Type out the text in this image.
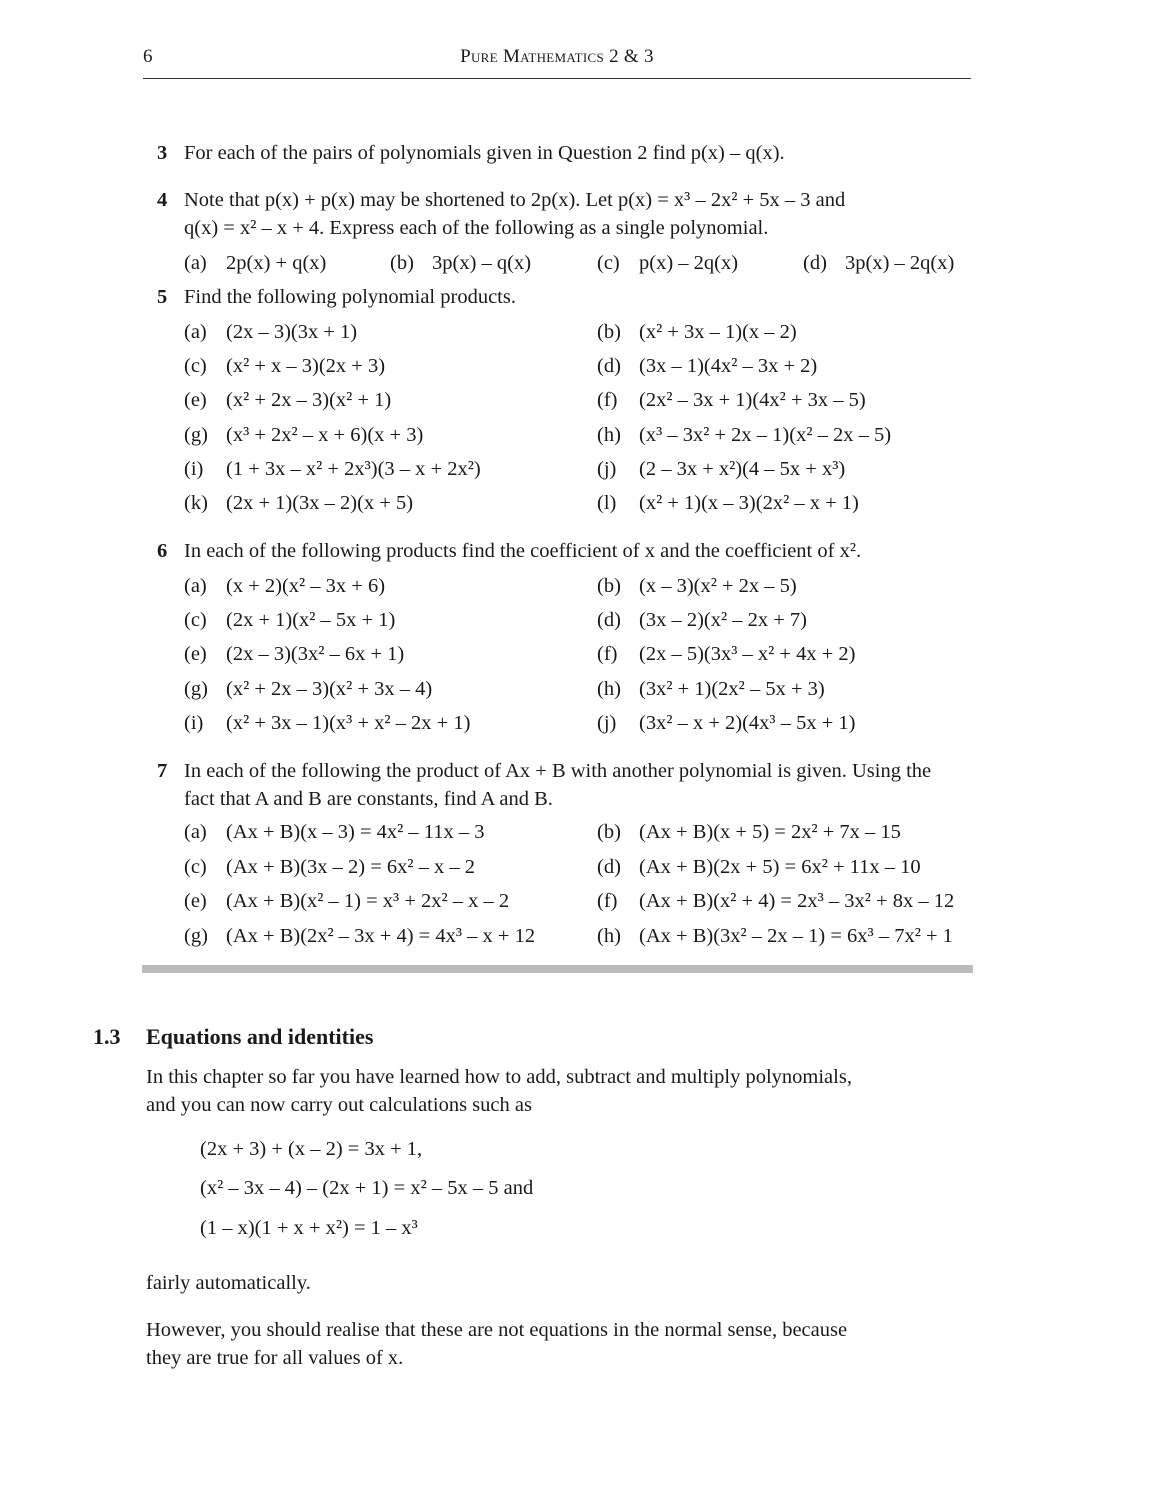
6	Pure Mathematics 2 & 3
3 For each of the pairs of polynomials given in Question 2 find p(x) – q(x).
4 Note that p(x) + p(x) may be shortened to 2p(x). Let p(x) = x³ – 2x² + 5x – 3 and
q(x) = x² – x + 4. Express each of the following as a single polynomial.
(a) 2p(x) + q(x)	(b) 3p(x) – q(x)	(c) p(x) – 2q(x)	(d) 3p(x) – 2q(x)
5 Find the following polynomial products.
(a) (2x – 3)(3x + 1)	(b) (x² + 3x – 1)(x – 2)
(c) (x² + x – 3)(2x + 3)	(d) (3x – 1)(4x² – 3x + 2)
(e) (x² + 2x – 3)(x² + 1)	(f) (2x² – 3x + 1)(4x² + 3x – 5)
(g) (x³ + 2x² – x + 6)(x + 3)	(h) (x³ – 3x² + 2x – 1)(x² – 2x – 5)
(i) (1 + 3x – x² + 2x³)(3 – x + 2x²)	(j) (2 – 3x + x²)(4 – 5x + x³)
(k) (2x + 1)(3x – 2)(x + 5)	(l) (x² + 1)(x – 3)(2x² – x + 1)
6 In each of the following products find the coefficient of x and the coefficient of x².
(a) (x + 2)(x² – 3x + 6)	(b) (x – 3)(x² + 2x – 5)
(c) (2x + 1)(x² – 5x + 1)	(d) (3x – 2)(x² – 2x + 7)
(e) (2x – 3)(3x² – 6x + 1)	(f) (2x – 5)(3x³ – x² + 4x + 2)
(g) (x² + 2x – 3)(x² + 3x – 4)	(h) (3x² + 1)(2x² – 5x + 3)
(i) (x² + 3x – 1)(x³ + x² – 2x + 1)	(j) (3x² – x + 2)(4x³ – 5x + 1)
7 In each of the following the product of Ax + B with another polynomial is given. Using the
fact that A and B are constants, find A and B.
(a) (Ax + B)(x – 3) = 4x² – 11x – 3	(b) (Ax + B)(x + 5) = 2x² + 7x – 15
(c) (Ax + B)(3x – 2) = 6x² – x – 2	(d) (Ax + B)(2x + 5) = 6x² + 11x – 10
(e) (Ax + B)(x² – 1) = x³ + 2x² – x – 2	(f) (Ax + B)(x² + 4) = 2x³ – 3x² + 8x – 12
(g) (Ax + B)(2x² – 3x + 4) = 4x³ – x + 12	(h) (Ax + B)(3x² – 2x – 1) = 6x³ – 7x² + 1
1.3 Equations and identities
In this chapter so far you have learned how to add, subtract and multiply polynomials,
and you can now carry out calculations such as
(2x + 3) + (x – 2) = 3x + 1,
(x² – 3x – 4) – (2x + 1) = x² – 5x – 5 and
(1 – x)(1 + x + x²) = 1 – x³
fairly automatically.
However, you should realise that these are not equations in the normal sense, because
they are true for all values of x.
